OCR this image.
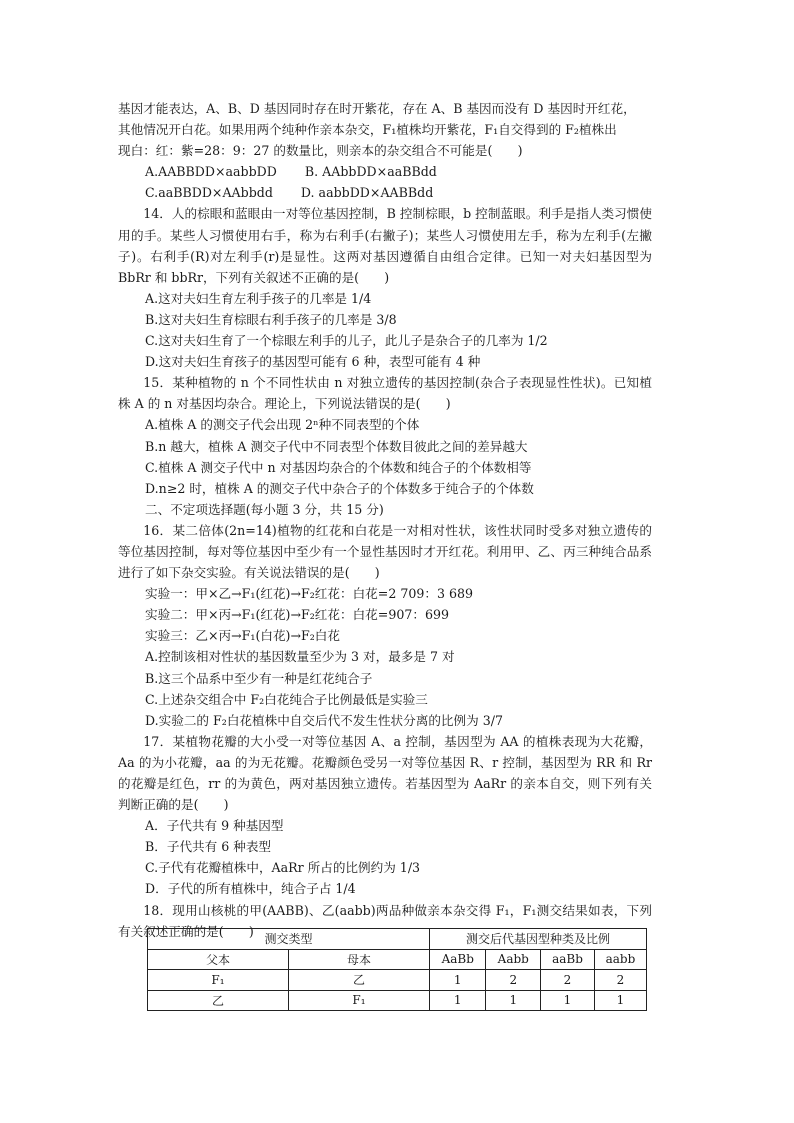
基因才能表达，A、B、D 基因同时存在时开紫花，存在 A、B 基因而没有 D 基因时开红花，

其他情况开白花。如果用两个纯种作亲本杂交，F₁植株均开紫花，F₁自交得到的 F₂植株出

现白：红：紫=28：9：27 的数量比，则亲本的杂交组合不可能是(　　)

A.AABBDD×aabbDD B. AAbbDD×aaBBdd

C.aaBBDD×AAbbdd D. aabbDD×AABBdd

14．人的棕眼和蓝眼由一对等位基因控制，B 控制棕眼，b 控制蓝眼。利手是指人类习惯使用的手。某些人习惯使用右手，称为右利手(右撇子)；某些人习惯使用左手，称为左利手(左撇子)。右利手(R)对左利手(r)是显性。这两对基因遵循自由组合定律。已知一对夫妇基因型为 BbRr 和 bbRr，下列有关叙述不正确的是(　　)

A.这对夫妇生育左利手孩子的几率是 1/4

B.这对夫妇生育棕眼右利手孩子的几率是 3/8

C.这对夫妇生育了一个棕眼左利手的儿子，此儿子是杂合子的几率为 1/2

D.这对夫妇生育孩子的基因型可能有 6 种，表型可能有 4 种

15．某种植物的 n 个不同性状由 n 对独立遗传的基因控制(杂合子表现显性性状)。已知植株 A 的 n 对基因均杂合。理论上，下列说法错误的是(　　)

A.植株 A 的测交子代会出现 2ⁿ种不同表型的个体

B.n 越大，植株 A 测交子代中不同表型个体数目彼此之间的差异越大

C.植株 A 测交子代中 n 对基因均杂合的个体数和纯合子的个体数相等

D.n≥2 时，植株 A 的测交子代中杂合子的个体数多于纯合子的个体数

二、不定项选择题(每小题 3 分，共 15 分)

16．某二倍体(2n=14)植物的红花和白花是一对相对性状，该性状同时受多对独立遗传的等位基因控制，每对等位基因中至少有一个显性基因时才开红花。利用甲、乙、丙三种纯合品系进行了如下杂交实验。有关说法错误的是(　　)

实验一：甲×乙→F₁(红花)→F₂红花：白花=2 709：3 689

实验二：甲×丙→F₁(红花)→F₂红花：白花=907：699

实验三：乙×丙→F₁(白花)→F₂白花

A.控制该相对性状的基因数量至少为 3 对，最多是 7 对

B.这三个品系中至少有一种是红花纯合子

C.上述杂交组合中 F₂白花纯合子比例最低是实验三

D.实验二的 F₂白花植株中自交后代不发生性状分离的比例为 3/7

17．某植物花瓣的大小受一对等位基因 A、a 控制，基因型为 AA 的植株表现为大花瓣，Aa 的为小花瓣，aa 的为无花瓣。花瓣颜色受另一对等位基因 R、r 控制，基因型为 RR 和 Rr 的花瓣是红色，rr 的为黄色，两对基因独立遗传。若基因型为 AaRr 的亲本自交，则下列有关判断正确的是(　　)

A．子代共有 9 种基因型

B．子代共有 6 种表型

C.子代有花瓣植株中，AaRr 所占的比例约为 1/3

D．子代的所有植株中，纯合子占 1/4

18．现用山核桃的甲(AABB)、乙(aabb)两品种做亲本杂交得 F₁，F₁测交结果如表，下列有关叙述正确的是(　　)

测交类型		测交后代基因型种类及比例			
父本	母本	AaBb	Aabb	aaBb	aabb
F₁	乙	1	2	2	2
乙	F₁	1	1	1	1
